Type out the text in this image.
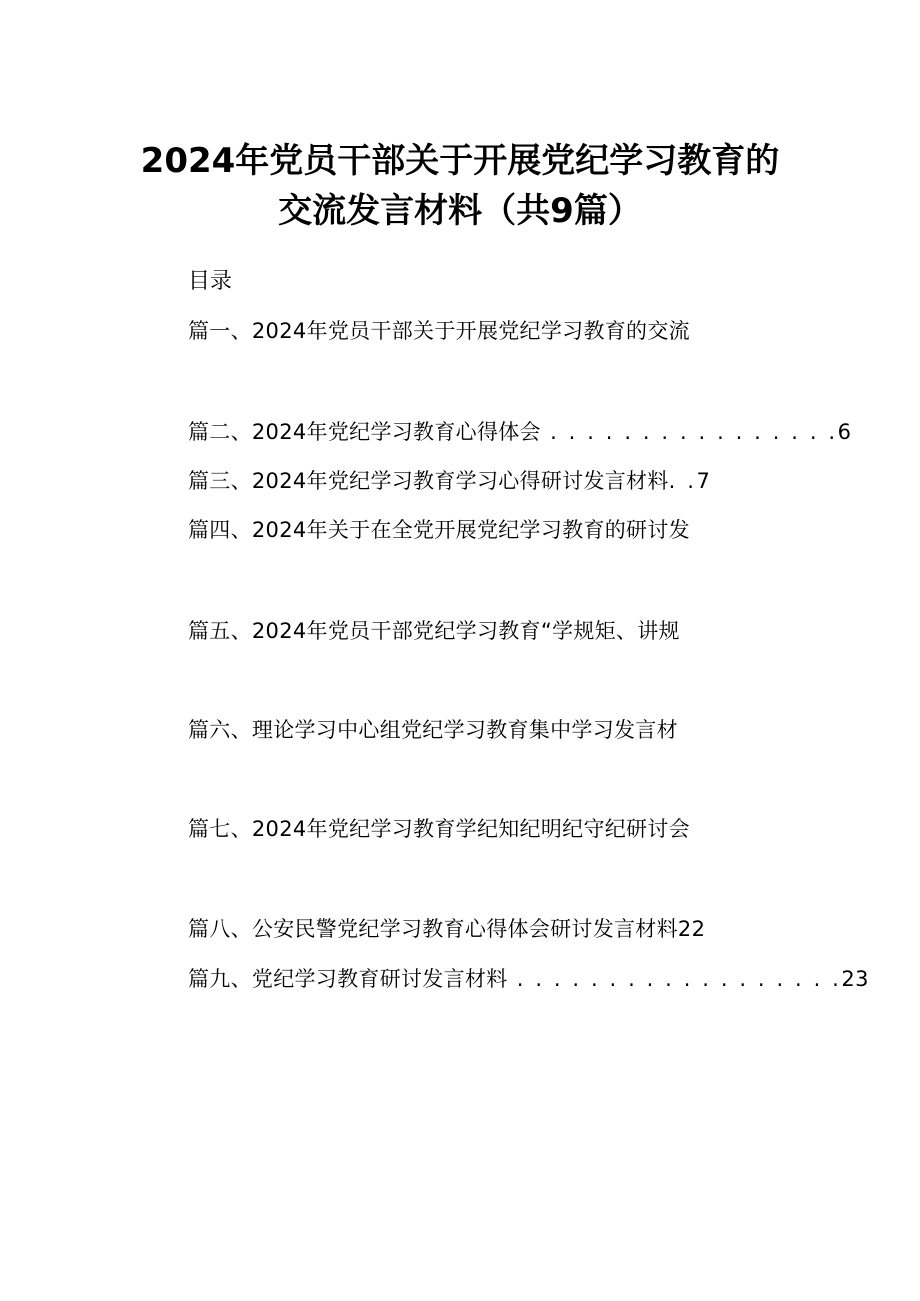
2024年党员干部关于开展党纪学习教育的
交流发言材料（共9篇）
目录
篇一、2024年党员干部关于开展党纪学习教育的交流
篇二、2024年党纪学习教育心得体会 . . . . . . . . . . . . . . . .6
篇三、2024年党纪学习教育学习心得研讨发言材料. .7
篇四、2024年关于在全党开展党纪学习教育的研讨发
篇五、2024年党员干部党纪学习教育“学规矩、讲规
篇六、理论学习中心组党纪学习教育集中学习发言材
篇七、2024年党纪学习教育学纪知纪明纪守纪研讨会
篇八、公安民警党纪学习教育心得体会研讨发言材料22
篇九、党纪学习教育研讨发言材料 . . . . . . . . . . . . . . . . . .23
